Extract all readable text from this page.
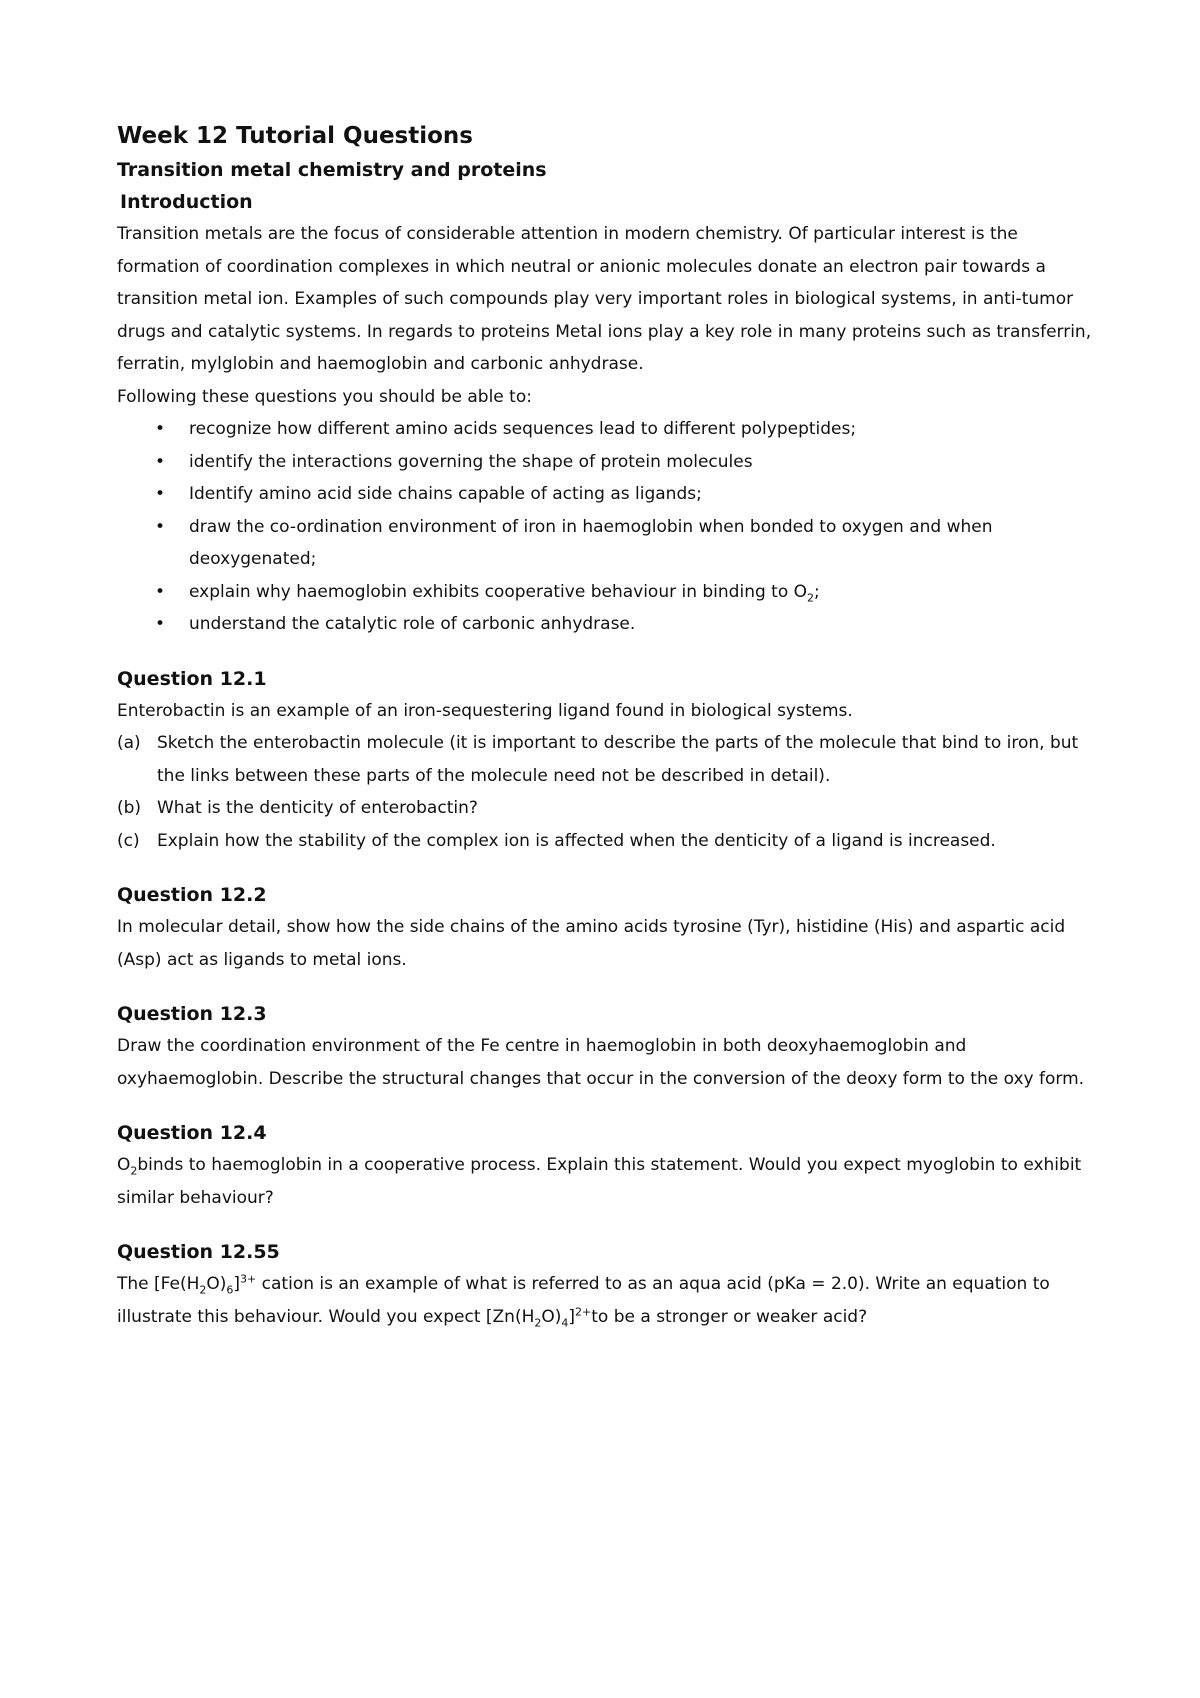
Week 12 Tutorial Questions
Transition metal chemistry and proteins
Introduction

Transition metals are the focus of considerable attention in modern chemistry. Of particular interest is the formation of coordination complexes in which neutral or anionic molecules donate an electron pair towards a transition metal ion. Examples of such compounds play very important roles in biological systems, in anti-tumor drugs and catalytic systems. In regards to proteins Metal ions play a key role in many proteins such as transferrin, ferratin, mylglobin and haemoglobin and carbonic anhydrase.

Following these questions you should be able to:

• recognize how different amino acids sequences lead to different polypeptides;
• identify the interactions governing the shape of protein molecules
• Identify amino acid side chains capable of acting as ligands;
• draw the co-ordination environment of iron in haemoglobin when bonded to oxygen and when deoxygenated;
• explain why haemoglobin exhibits cooperative behaviour in binding to $O_2$;
• understand the catalytic role of carbonic anhydrase.
Question 12.1

Enterobactin is an example of an iron-sequestering ligand found in biological systems.

(a) Sketch the enterobactin molecule (it is important to describe the parts of the molecule that bind to iron, but the links between these parts of the molecule need not be described in detail).
(b) What is the denticity of enterobactin?
(c) Explain how the stability of the complex ion is affected when the denticity of a ligand is increased.
Question 12.2

In molecular detail, show how the side chains of the amino acids tyrosine (Tyr), histidine (His) and aspartic acid (Asp) act as ligands to metal ions.

Question 12.3

Draw the coordination environment of the Fe centre in haemoglobin in both deoxyhaemoglobin and oxyhaemoglobin. Describe the structural changes that occur in the conversion of the deoxy form to the oxy form.

Question 12.4

$O_2binds$ to haemoglobin in a cooperative process. Explain this statement. Would you expect myoglobin to exhibit similar behaviour?

Question 12.55

The $[Fe(H_2O)_6]^{3+}$ cation is an example of what is referred to as an aqua acid (pKa = 2.0). Write an equation to illustrate this behaviour. Would you expect $[Zn(H_2O)_4]^{2+}to$ be a stronger or weaker acid?
